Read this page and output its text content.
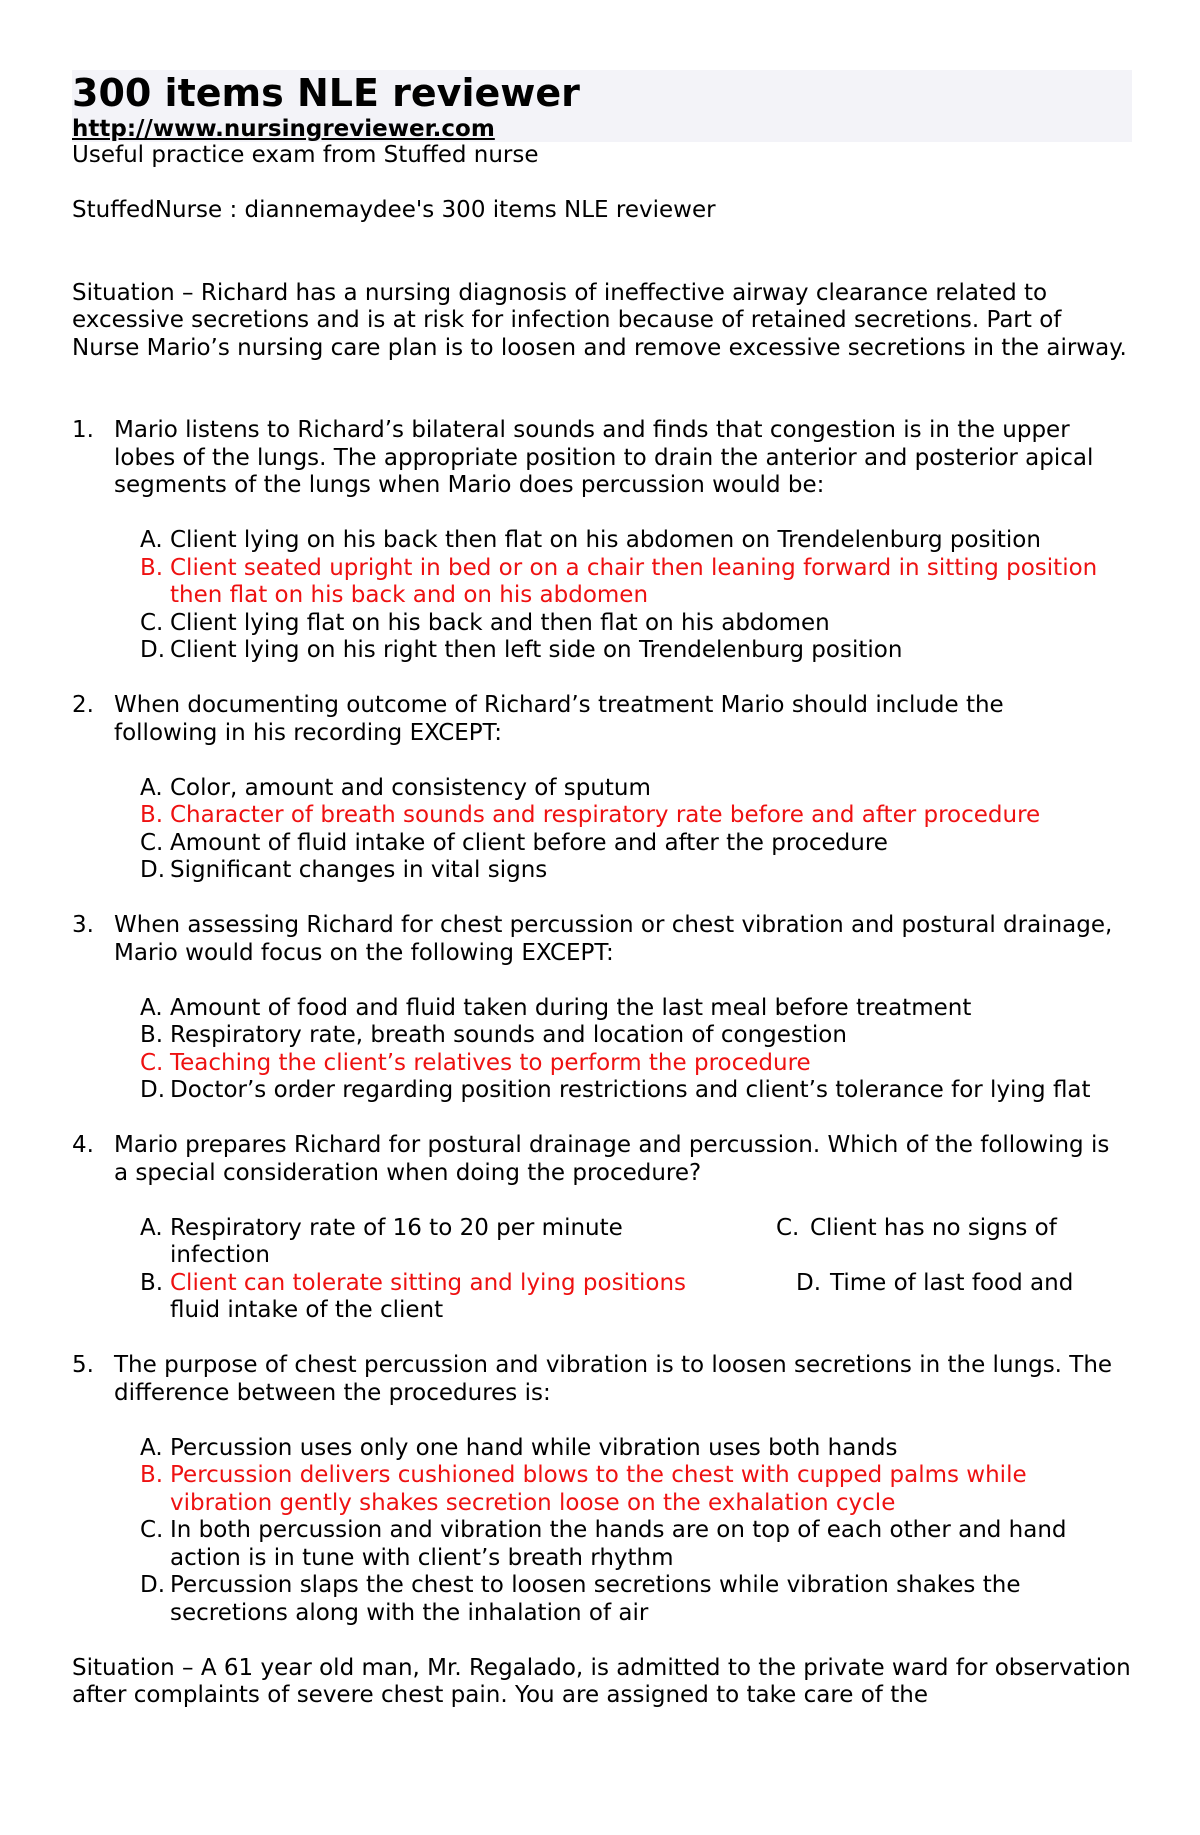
300 items NLE reviewer
http://www.nursingreviewer.com
Useful practice exam from Stuffed nurse
StuffedNurse : diannemaydee's 300 items NLE reviewer
Situation – Richard has a nursing diagnosis of ineffective airway clearance related to excessive secretions and is at risk for infection because of retained secretions. Part of Nurse Mario’s nursing care plan is to loosen and remove excessive secretions in the airway.
1. Mario listens to Richard’s bilateral sounds and finds that congestion is in the upper lobes of the lungs. The appropriate position to drain the anterior and posterior apical segments of the lungs when Mario does percussion would be:
A. Client lying on his back then flat on his abdomen on Trendelenburg position
B. Client seated upright in bed or on a chair then leaning forward in sitting position then flat on his back and on his abdomen
C. Client lying flat on his back and then flat on his abdomen
D. Client lying on his right then left side on Trendelenburg position
2. When documenting outcome of Richard’s treatment Mario should include the following in his recording EXCEPT:
A. Color, amount and consistency of sputum
B. Character of breath sounds and respiratory rate before and after procedure
C. Amount of fluid intake of client before and after the procedure
D. Significant changes in vital signs
3. When assessing Richard for chest percussion or chest vibration and postural drainage, Mario would focus on the following EXCEPT:
A. Amount of food and fluid taken during the last meal before treatment
B. Respiratory rate, breath sounds and location of congestion
C. Teaching the client’s relatives to perform the procedure
D. Doctor’s order regarding position restrictions and client’s tolerance for lying flat
4. Mario prepares Richard for postural drainage and percussion. Which of the following is a special consideration when doing the procedure?
A. Respiratory rate of 16 to 20 per minute	C. Client has no signs of
infection
B. Client can tolerate sitting and lying positions	D. Time of last food and
fluid intake of the client
5. The purpose of chest percussion and vibration is to loosen secretions in the lungs. The difference between the procedures is:
A. Percussion uses only one hand while vibration uses both hands
B. Percussion delivers cushioned blows to the chest with cupped palms while vibration gently shakes secretion loose on the exhalation cycle
C. In both percussion and vibration the hands are on top of each other and hand action is in tune with client’s breath rhythm
D. Percussion slaps the chest to loosen secretions while vibration shakes the secretions along with the inhalation of air
Situation – A 61 year old man, Mr. Regalado, is admitted to the private ward for observation after complaints of severe chest pain. You are assigned to take care of the
